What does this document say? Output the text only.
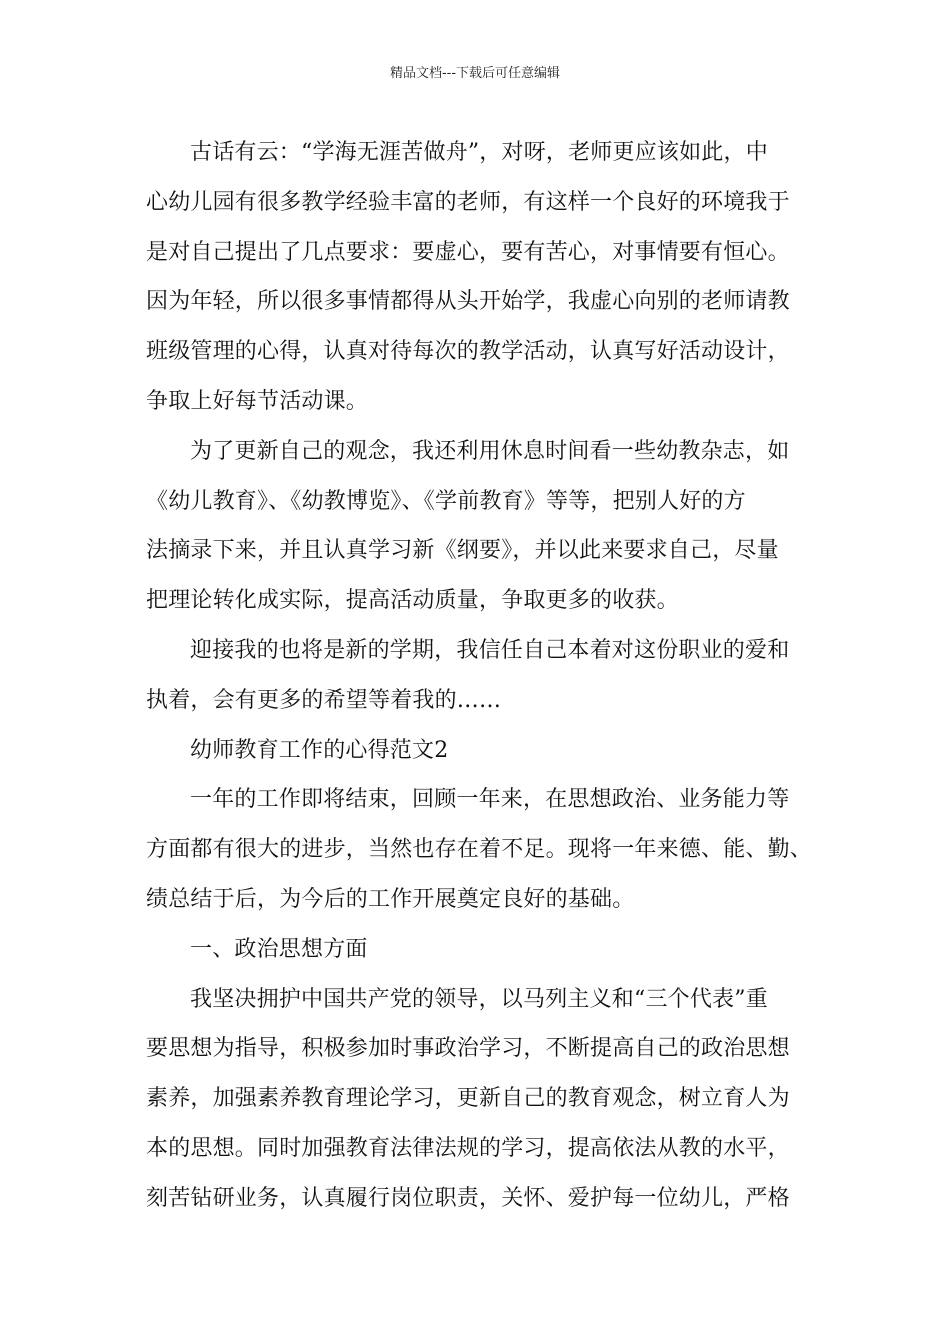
精品文档---下载后可任意编辑
古话有云：“学海无涯苦做舟”，对呀，老师更应该如此，中
心幼儿园有很多教学经验丰富的老师，有这样一个良好的环境我于
是对自己提出了几点要求：要虚心，要有苦心，对事情要有恒心。
因为年轻，所以很多事情都得从头开始学，我虚心向别的老师请教
班级管理的心得，认真对待每次的教学活动，认真写好活动设计，
争取上好每节活动课。
为了更新自己的观念，我还利用休息时间看一些幼教杂志，如
《幼儿教育》、《幼教博览》、《学前教育》等等，把别人好的方
法摘录下来，并且认真学习新《纲要》，并以此来要求自己，尽量
把理论转化成实际，提高活动质量，争取更多的收获。
迎接我的也将是新的学期，我信任自己本着对这份职业的爱和
执着，会有更多的希望等着我的……
幼师教育工作的心得范文2
一年的工作即将结束，回顾一年来，在思想政治、业务能力等
方面都有很大的进步，当然也存在着不足。现将一年来德、能、勤、
绩总结于后，为今后的工作开展奠定良好的基础。
一、政治思想方面
我坚决拥护中国共产党的领导，以马列主义和“三个代表”重
要思想为指导，积极参加时事政治学习，不断提高自己的政治思想
素养，加强素养教育理论学习，更新自己的教育观念，树立育人为
本的思想。同时加强教育法律法规的学习，提高依法从教的水平，
刻苦钻研业务，认真履行岗位职责，关怀、爱护每一位幼儿，严格
